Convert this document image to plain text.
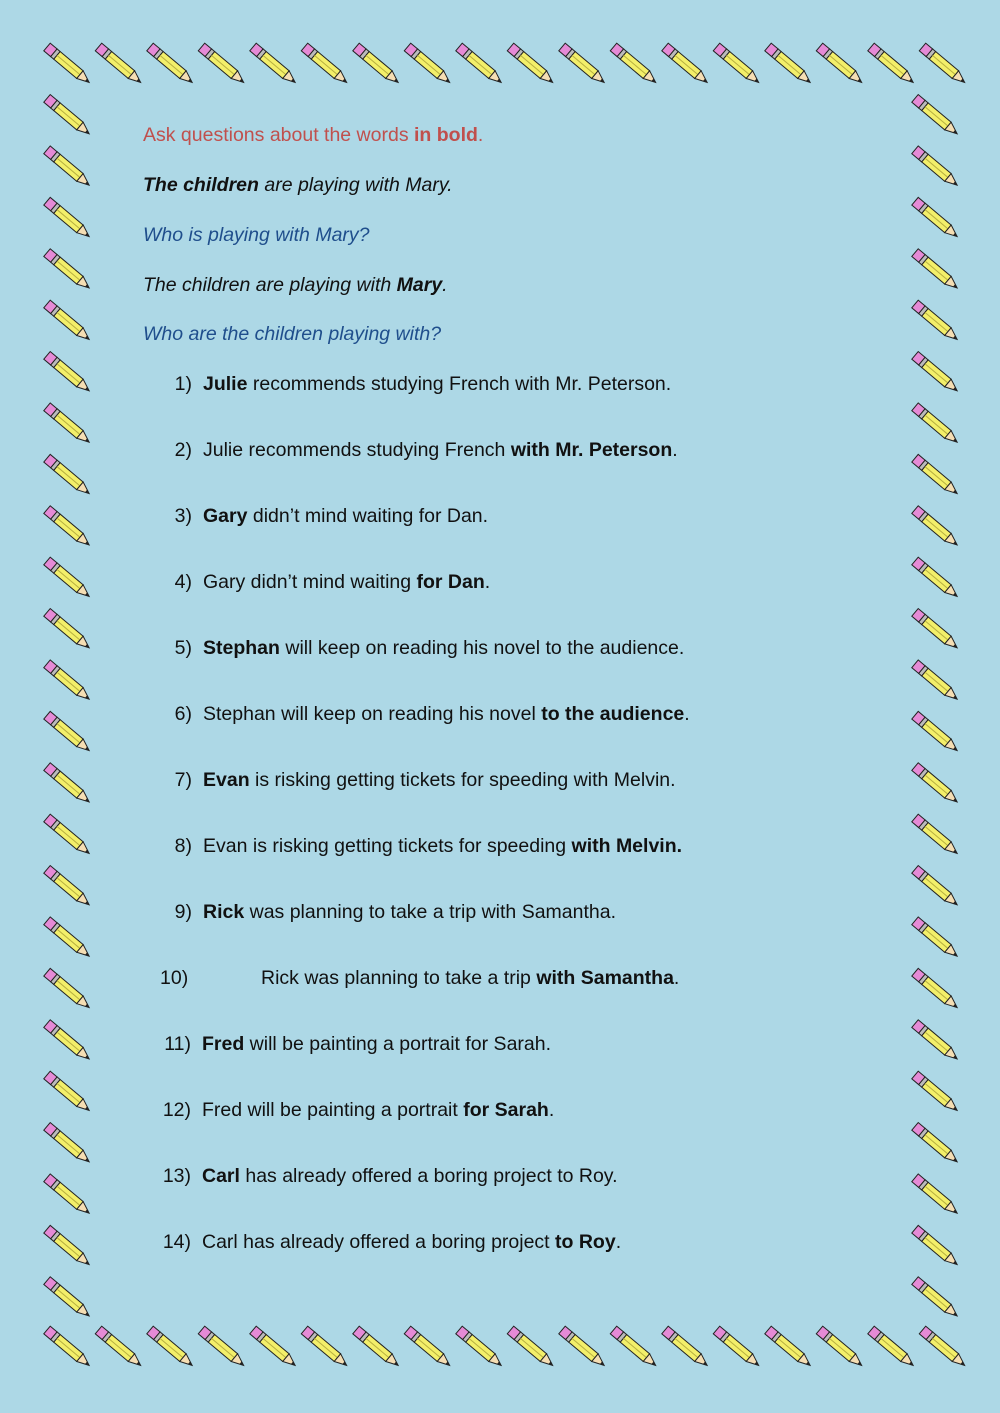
Ask questions about the words in bold.
The children are playing with Mary.
Who is playing with Mary?
The children are playing with Mary.
Who are the children playing with?
1) Julie recommends studying French with Mr. Peterson.
2) Julie recommends studying French with Mr. Peterson.
3) Gary didn’t mind waiting for Dan.
4) Gary didn’t mind waiting for Dan.
5) Stephan will keep on reading his novel to the audience.
6) Stephan will keep on reading his novel to the audience.
7) Evan is risking getting tickets for speeding with Melvin.
8) Evan is risking getting tickets for speeding with Melvin.
9) Rick was planning to take a trip with Samantha.
10)	Rick was planning to take a trip with Samantha.
11) Fred will be painting a portrait for Sarah.
12) Fred will be painting a portrait for Sarah.
13) Carl has already offered a boring project to Roy.
14) Carl has already offered a boring project to Roy.
